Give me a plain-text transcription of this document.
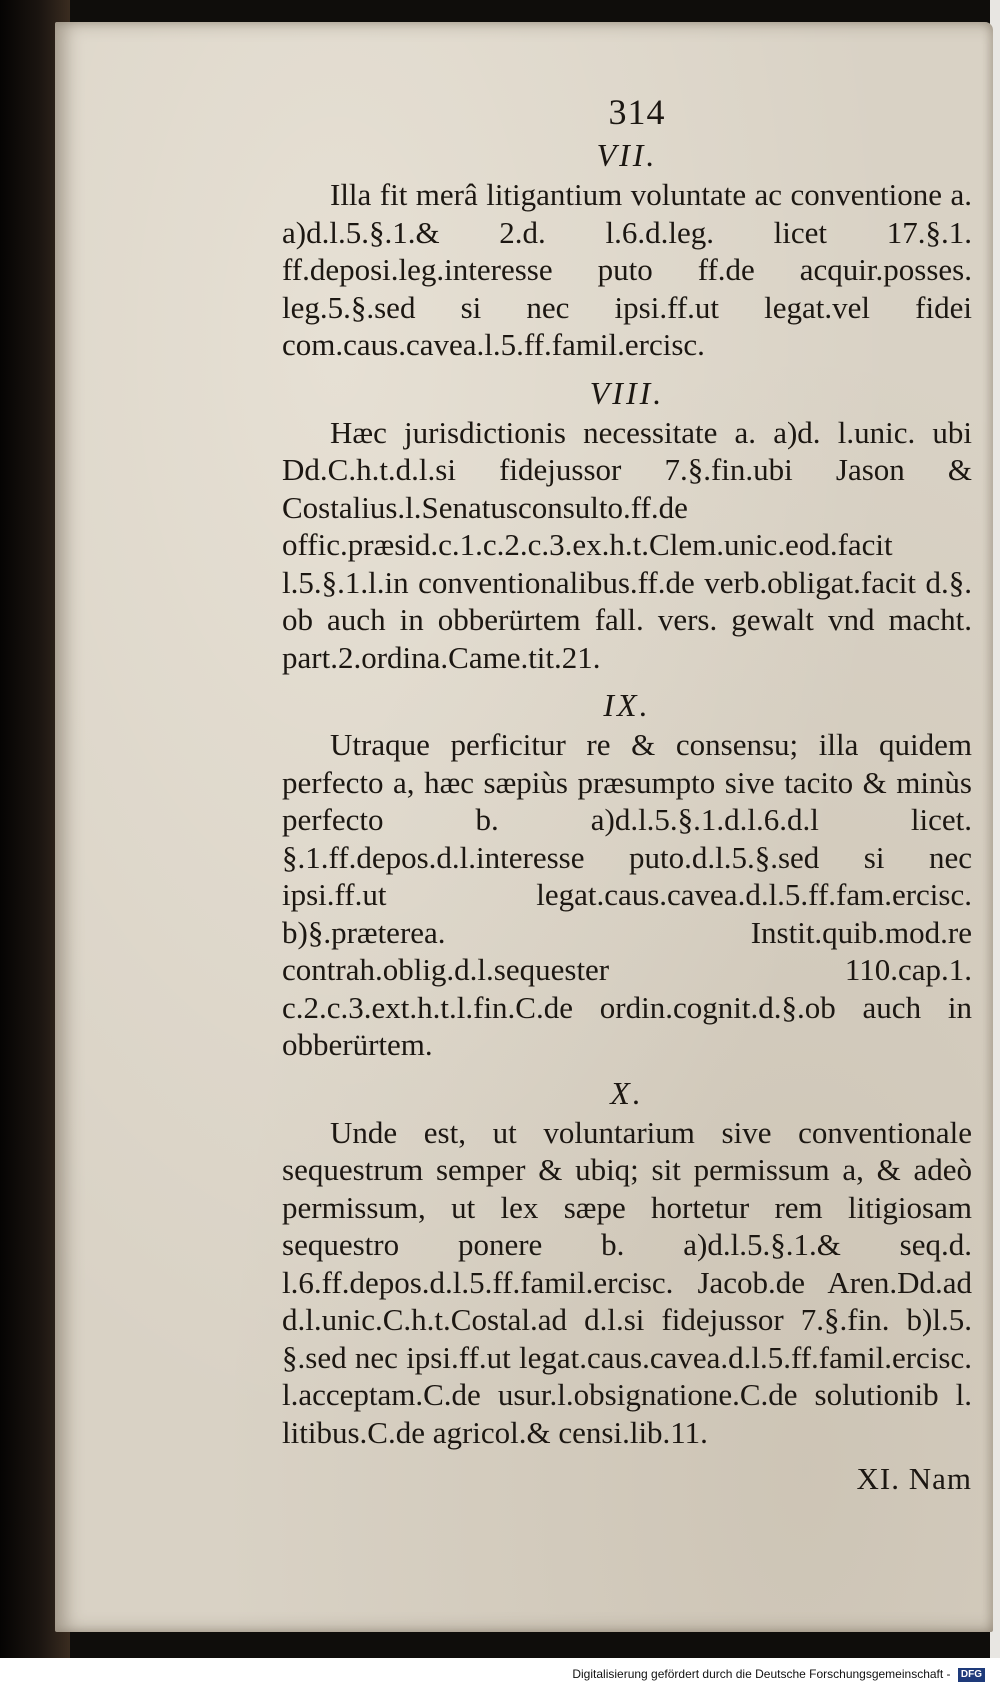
314
VII.

Illa fit merâ litigantium voluntate ac conventione a. a)d.l.5.§.1.& 2.d. l.6.d.leg. licet 17.§.1. ff.deposi.leg.interesse puto ff.de acquir.posses. leg.5.§.sed si nec ipsi.ff.ut legat.vel fidei com.caus.cavea.l.5.ff.famil.ercisc.

VIII.

Hæc jurisdictionis necessitate a. a)d. l.unic. ubi Dd.C.h.t.d.l.si fidejussor 7.§.fin.ubi Jason & Costalius.l.Senatusconsulto.ff.de offic.præsid.c.1.c.2.c.3.ex.h.t.Clem.unic.eod.facit l.5.§.1.l.in conventionalibus.ff.de verb.obligat.facit d.§. ob auch in obberürtem fall. vers. gewalt vnd macht. part.2.ordina.Came.tit.21.

IX.

Utraque perficitur re & consensu; illa quidem perfecto a, hæc sæpiùs præsumpto sive tacito & minùs perfecto b. a)d.l.5.§.1.d.l.6.d.l licet. §.1.ff.depos.d.l.interesse puto.d.l.5.§.sed si nec ipsi.ff.ut legat.caus.cavea.d.l.5.ff.fam.ercisc. b)§.præterea. Instit.quib.mod.re contrah.oblig.d.l.sequester 110.cap.1. c.2.c.3.ext.h.t.l.fin.C.de ordin.cognit.d.§.ob auch in obberürtem.

X.

Unde est, ut voluntarium sive conventionale sequestrum semper & ubiq; sit permissum a, & adeò permissum, ut lex sæpe hortetur rem litigiosam sequestro ponere b. a)d.l.5.§.1.& seq.d. l.6.ff.depos.d.l.5.ff.famil.ercisc. Jacob.de Aren.Dd.ad d.l.unic.C.h.t.Costal.ad d.l.si fidejussor 7.§.fin. b)l.5. §.sed nec ipsi.ff.ut legat.caus.cavea.d.l.5.ff.famil.ercisc. l.acceptam.C.de usur.l.obsignatione.C.de solutionib l. litibus.C.de agricol.& censi.lib.11.

XI. Nam
Digitalisierung gefördert durch die Deutsche Forschungsgemeinschaft - DFG
